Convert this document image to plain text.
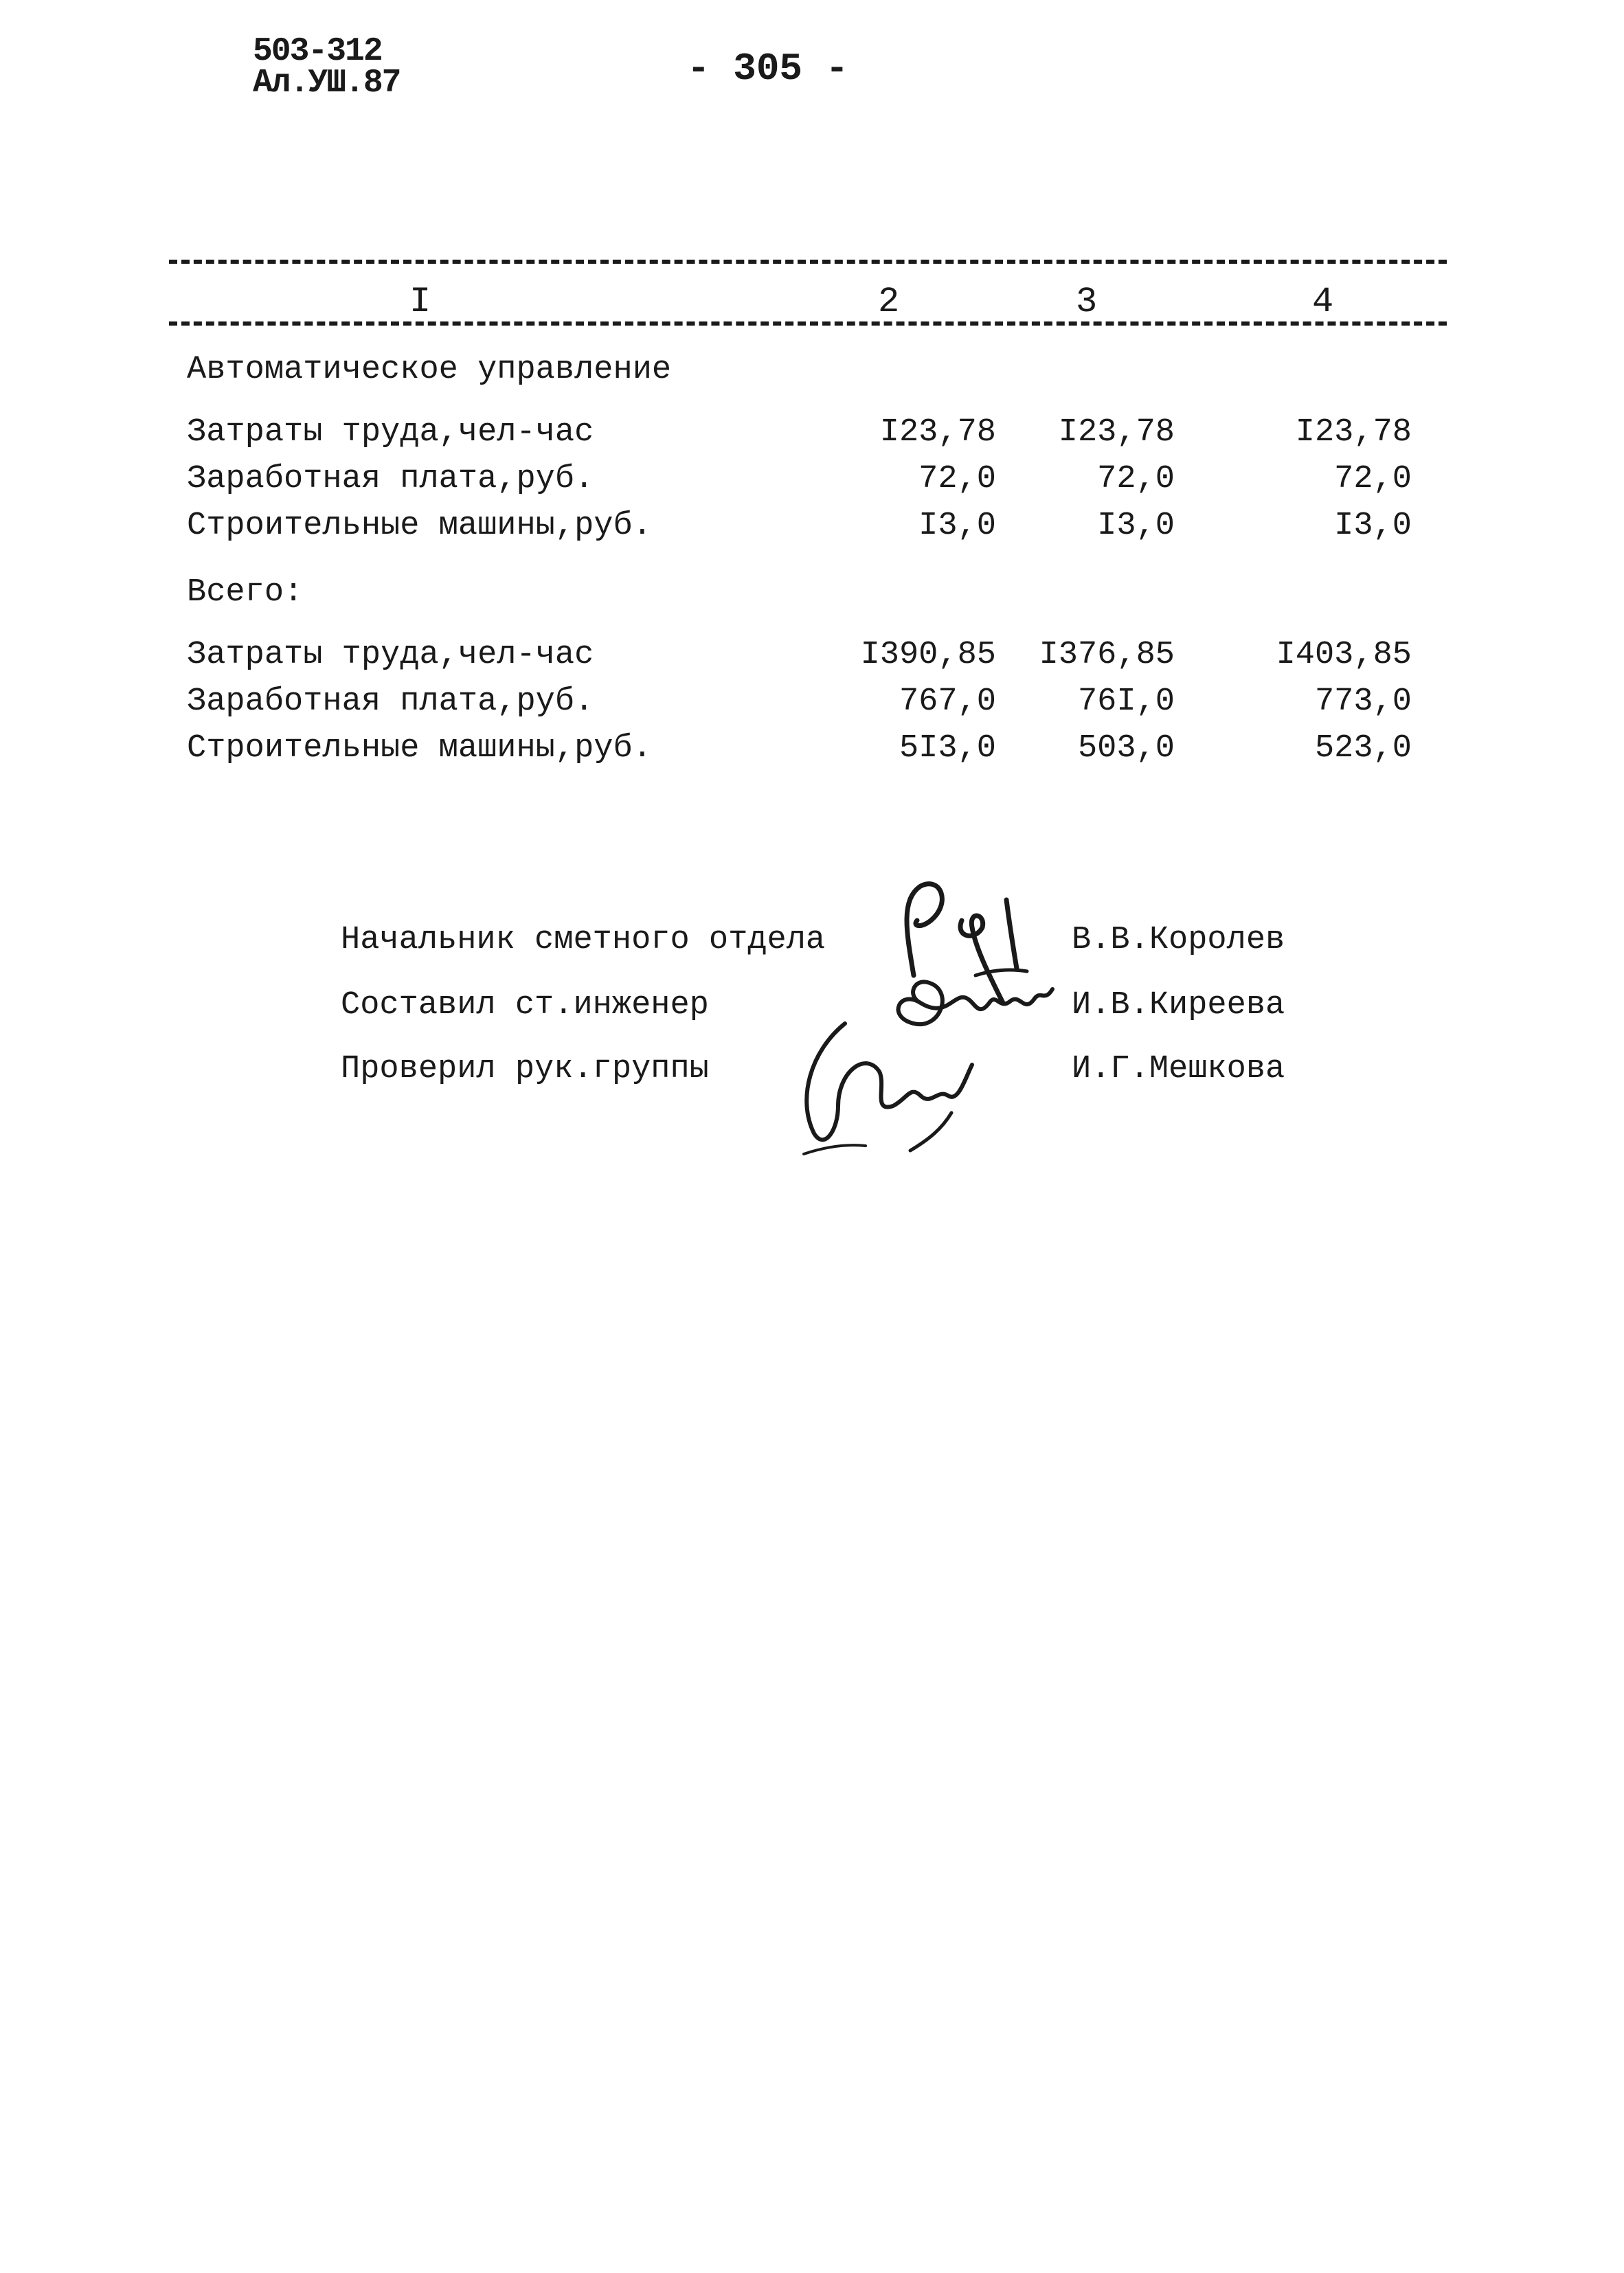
503-312
Ал.УШ.87	- 305 -
I	2	3	4
Автоматическое управление
Затраты труда,чел-час	I23,78	I23,78	I23,78
Заработная плата,руб.	72,0	72,0	72,0
Строительные машины,руб.	I3,0	I3,0	I3,0
Всего:
Затраты труда,чел-час	I390,85	I376,85	I403,85
Заработная плата,руб.	767,0	76I,0	773,0
Строительные машины,руб.	5I3,0	503,0	523,0
Начальник сметного отдела	В.В.Королев
Составил ст.инженер	И.В.Киреева
Проверил рук.группы	И.Г.Мешкова
